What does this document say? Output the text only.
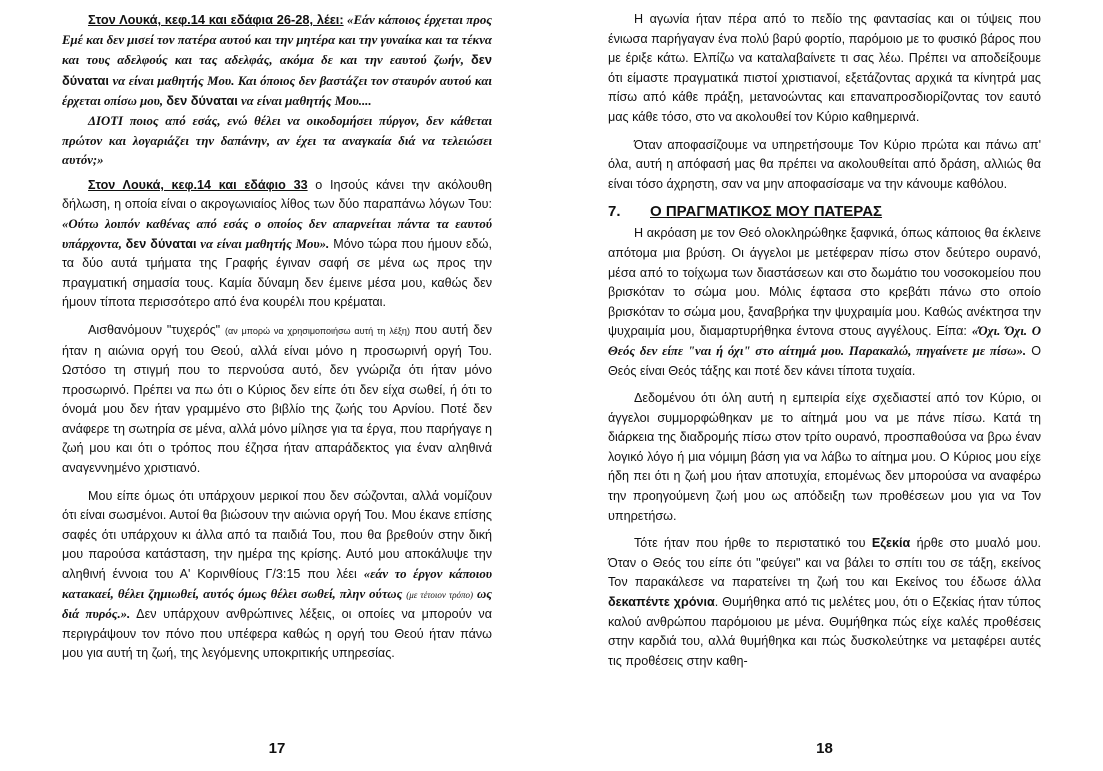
Στον Λουκά, κεφ.14 και εδάφια 26-28, λέει: «Εάν κάποιος έρχεται προς Εμέ και δεν μισεί τον πατέρα αυτού και την μητέρα και την γυναίκα και τα τέκνα και τους αδελφούς και τας αδελφάς, ακόμα δε και την εαυτού ζωήν, δεν δύναται να είναι μαθητής Μου. Και όποιος δεν βαστάζει τον σταυρόν αυτού και έρχεται οπίσω μου, δεν δύναται να είναι μαθητής Μου....

ΔΙΟΤΙ ποιος από εσάς, ενώ θέλει να οικοδομήσει πύργον, δεν κάθεται πρώτον και λογαριάζει την δαπάνην, αν έχει τα αναγκαία διά να τελειώσει αυτόν;»

Στον Λουκά, κεφ.14 και εδάφιο 33 ο Ιησούς κάνει την ακόλουθη δήλωση, η οποία είναι ο ακρογωνιαίος λίθος των δύο παραπάνω λόγων Του: «Ούτω λοιπόν καθένας από εσάς ο οποίος δεν απαρνείται πάντα τα εαυτού υπάρχοντα, δεν δύναται να είναι μαθητής Μου». Μόνο τώρα που ήμουν εδώ, τα δύο αυτά τμήματα της Γραφής έγιναν σαφή σε μένα ως προς την πραγματική σημασία τους. Καμία δύναμη δεν έμεινε μέσα μου, καθώς δεν ήμουν τίποτα περισσότερο από ένα κουρέλι που κρέμαται.

Αισθανόμουν "τυχερός" (αν μπορώ να χρησιμοποιήσω αυτή τη λέξη) που αυτή δεν ήταν η αιώνια οργή του Θεού, αλλά είναι μόνο η προσωρινή οργή Του. Ωστόσο τη στιγμή που το περνούσα αυτό, δεν γνώριζα ότι ήταν μόνο προσωρινό. Πρέπει να πω ότι ο Κύριος δεν είπε ότι δεν είχα σωθεί, ή ότι το όνομά μου δεν ήταν γραμμένο στο βιβλίο της ζωής του Αρνίου. Ποτέ δεν ανάφερε τη σωτηρία σε μένα, αλλά μόνο μίλησε για τα έργα, που παρήγαγε η ζωή μου και ότι ο τρόπος που έζησα ήταν απαράδεκτος για έναν αληθινά αναγεννημένο χριστιανό.

Μου είπε όμως ότι υπάρχουν μερικοί που δεν σώζονται, αλλά νομίζουν ότι είναι σωσμένοι. Αυτοί θα βιώσουν την αιώνια οργή Του. Μου έκανε επίσης σαφές ότι υπάρχουν κι άλλα από τα παιδιά Του, που θα βρεθούν στην δική μου παρούσα κατάσταση, την ημέρα της κρίσης. Αυτό μου αποκάλυψε την αληθινή έννοια του Α' Κορινθίους Γ/3:15 που λέει «εάν το έργον κάποιου κατακαεί, θέλει ζημιωθεί, αυτός όμως θέλει σωθεί, πλην ούτως (με τέτοιον τρόπο) ως διά πυρός.». Δεν υπάρχουν ανθρώπινες λέξεις, οι οποίες να μπορούν να περιγράψουν τον πόνο που υπέφερα καθώς η οργή του Θεού ήταν πάνω μου για αυτή τη ζωή, της λεγόμενης υποκριτικής υπηρεσίας.

17

Η αγωνία ήταν πέρα από το πεδίο της φαντασίας και οι τύψεις που ένιωσα παρήγαγαν ένα πολύ βαρύ φορτίο, παρόμοιο με το φυσικό βάρος που με έριξε κάτω. Ελπίζω να καταλαβαίνετε τι σας λέω. Πρέπει να αποδείξουμε ότι είμαστε πραγματικά πιστοί χριστιανοί, εξετάζοντας αρχικά τα κίνητρά μας πίσω από κάθε πράξη, μετανοώντας και επαναπροσδιορίζοντας τον εαυτό μας κάθε τόσο, στο να ακολουθεί τον Κύριο καθημερινά.

Όταν αποφασίζουμε να υπηρετήσουμε Τον Κύριο πρώτα και πάνω απ' όλα, αυτή η απόφασή μας θα πρέπει να ακολουθείται από δράση, αλλιώς θα είναι τόσο άχρηστη, σαν να μην αποφασίσαμε να την κάνουμε καθόλου.

7. Ο ΠΡΑΓΜΑΤΙΚΟΣ ΜΟΥ ΠΑΤΕΡΑΣ

Η ακρόαση με τον Θεό ολοκληρώθηκε ξαφνικά, όπως κάποιος θα έκλεινε απότομα μια βρύση. Οι άγγελοι με μετέφεραν πίσω στον δεύτερο ουρανό, μέσα από το τοίχωμα των διαστάσεων και στο δωμάτιο του νοσοκομείου που βρισκόταν το σώμα μου. Μόλις έφτασα στο κρεβάτι πάνω στο οποίο βρισκόταν το σώμα μου, ξαναβρήκα την ψυχραιμία μου. Καθώς ανέκτησα την ψυχραιμία μου, διαμαρτυρήθηκα έντονα στους αγγέλους. Είπα: «Όχι. Όχι. Ο Θεός δεν είπε "ναι ή όχι" στο αίτημά μου. Παρακαλώ, πηγαίνετε με πίσω». Ο Θεός είναι Θεός τάξης και ποτέ δεν κάνει τίποτα τυχαία.

Δεδομένου ότι όλη αυτή η εμπειρία είχε σχεδιαστεί από τον Κύριο, οι άγγελοι συμμορφώθηκαν με το αίτημά μου να με πάνε πίσω. Κατά τη διάρκεια της διαδρομής πίσω στον τρίτο ουρανό, προσπαθούσα να βρω έναν λογικό λόγο ή μια νόμιμη βάση για να λάβω το αίτημα μου. Ο Κύριος μου είχε ήδη πει ότι η ζωή μου ήταν αποτυχία, επομένως δεν μπορούσα να αναφέρω την προηγούμενη ζωή μου ως απόδειξη των προθέσεων μου για να Τον υπηρετήσω.

Τότε ήταν που ήρθε το περιστατικό του Εζεκία ήρθε στο μυαλό μου. Όταν ο Θεός του είπε ότι "φεύγει" και να βάλει το σπίτι του σε τάξη, εκείνος Τον παρακάλεσε να παρατείνει τη ζωή του και Εκείνος του έδωσε άλλα δεκαπέντε χρόνια. Θυμήθηκα από τις μελέτες μου, ότι ο Εζεκίας ήταν τύπος καλού ανθρώπου παρόμοιου με μένα. Θυμήθηκα πώς είχε καλές προθέσεις στην καρδιά του, αλλά θυμήθηκα και πώς δυσκολεύτηκε να μεταφέρει αυτές τις προθέσεις στην καθη-

18
